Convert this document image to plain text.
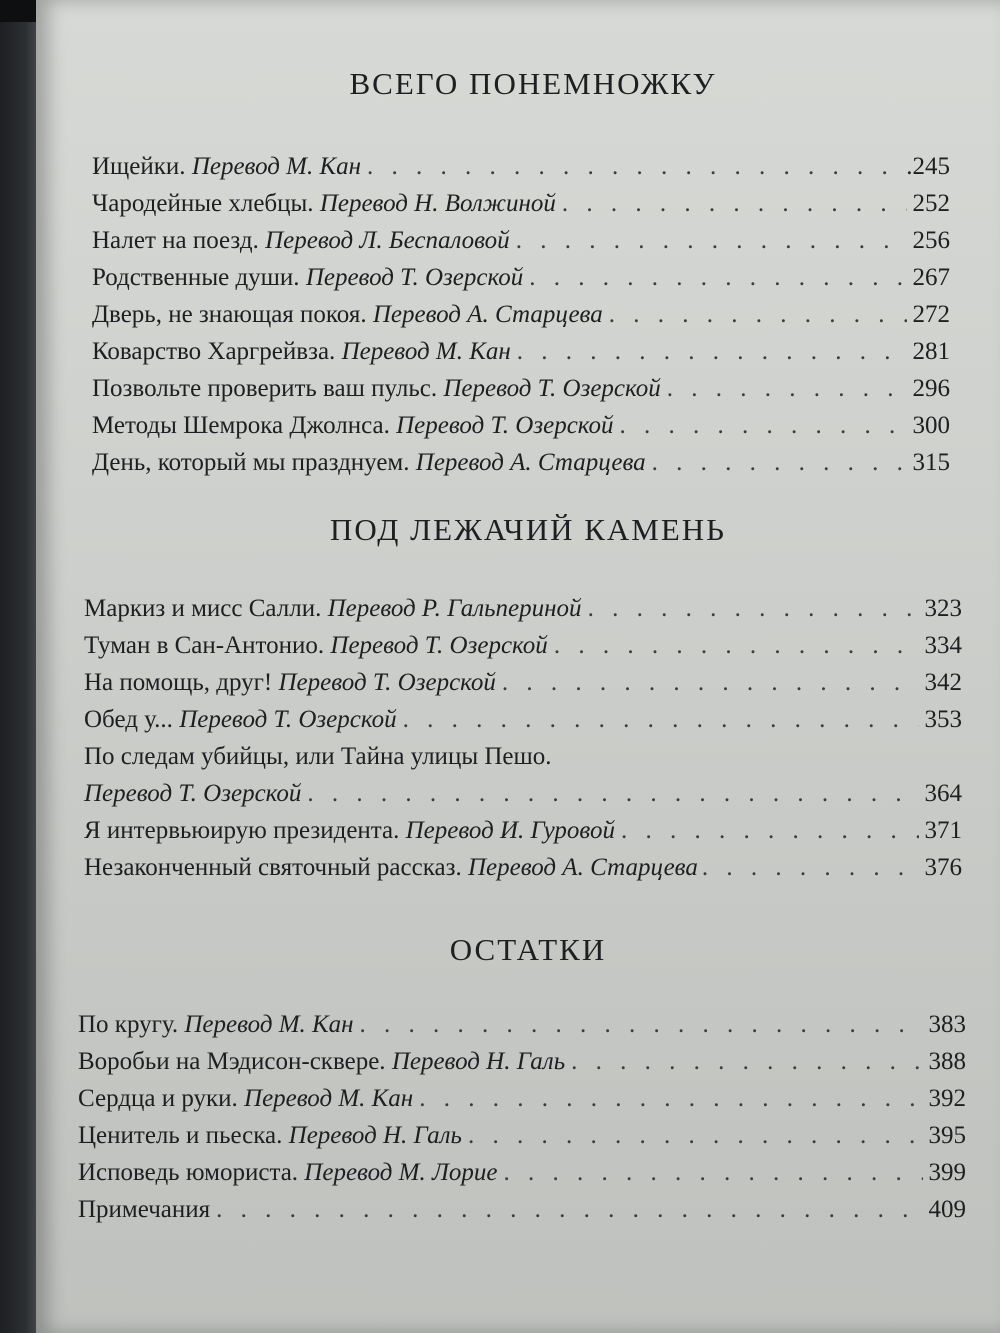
ВСЕГО ПОНЕМНОЖКУ
Ищейки. Перевод М. Кан . . .	.245
Чародейные хлебцы. Перевод Н. Волжиной . . .	252
Налет на поезд. Перевод Л. Беспаловой . . .	256
Родственные души. Перевод Т. Озерской . . .	267
Дверь, не знающая покоя. Перевод А. Старцева . . .	272
Коварство Харгрейвза. Перевод М. Кан . . .	281
Позвольте проверить ваш пульс. Перевод Т. Озерской . . .	296
Методы Шемрока Джолнса. Перевод Т. Озерской . . .	300
День, который мы празднуем. Перевод А. Старцева . . .	315
ПОД ЛЕЖАЧИЙ КАМЕНЬ
Маркиз и мисс Салли. Перевод Р. Гальпериной . . .	323
Туман в Сан-Антонио. Перевод Т. Озерской . . .	334
На помощь, друг! Перевод Т. Озерской . . .	342
Обед у... Перевод Т. Озерской . . .	353
По следам убийцы, или Тайна улицы Пешо.
Перевод Т. Озерской . . .	364
Я интервьюирую президента. Перевод И. Гуровой . . .	371
Незаконченный святочный рассказ. Перевод А. Старцева . . .	376
ОСТАТКИ
По кругу. Перевод М. Кан . . .	383
Воробьи на Мэдисон-сквере. Перевод Н. Галь . . .	388
Сердца и руки. Перевод М. Кан . . .	392
Ценитель и пьеска. Перевод Н. Галь . . .	395
Исповедь юмориста. Перевод М. Лорие . . .	399
Примечания . . .	409
